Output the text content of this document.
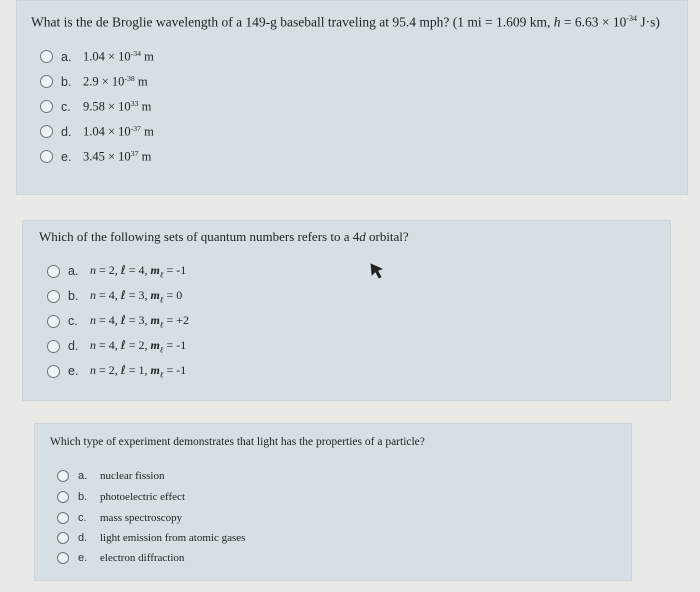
What is the de Broglie wavelength of a 149-g baseball traveling at 95.4 mph? (1 mi = 1.609 km, $h = 6.63 \times 10^{-34}$ J·s)
a. $1.04 \times 10^{-34}$ m
b. $2.9 \times 10^{-38}$ m
c. $9.58 \times 10^{33}$ m
d. $1.04 \times 10^{-37}$ m
e. $3.45 \times 10^{37}$ m
Which of the following sets of quantum numbers refers to a 4d orbital?
a. n = 2, ℓ = 4, $m_\ell = -1$
b. n = 4, ℓ = 3, $m_\ell = 0$
c.	n = 4, ℓ = 3, $m_\ell = +2$
d. n = 4, ℓ = 2, $m_\ell = -1$
e. n = 2, ℓ = 1, $m_\ell = -1$
Which type of experiment demonstrates that light has the properties of a particle?
a.	nuclear fission
b.	photoelectric effect
c.	mass spectroscopy
d.	light emission from atomic gases
e.	electron diffraction
